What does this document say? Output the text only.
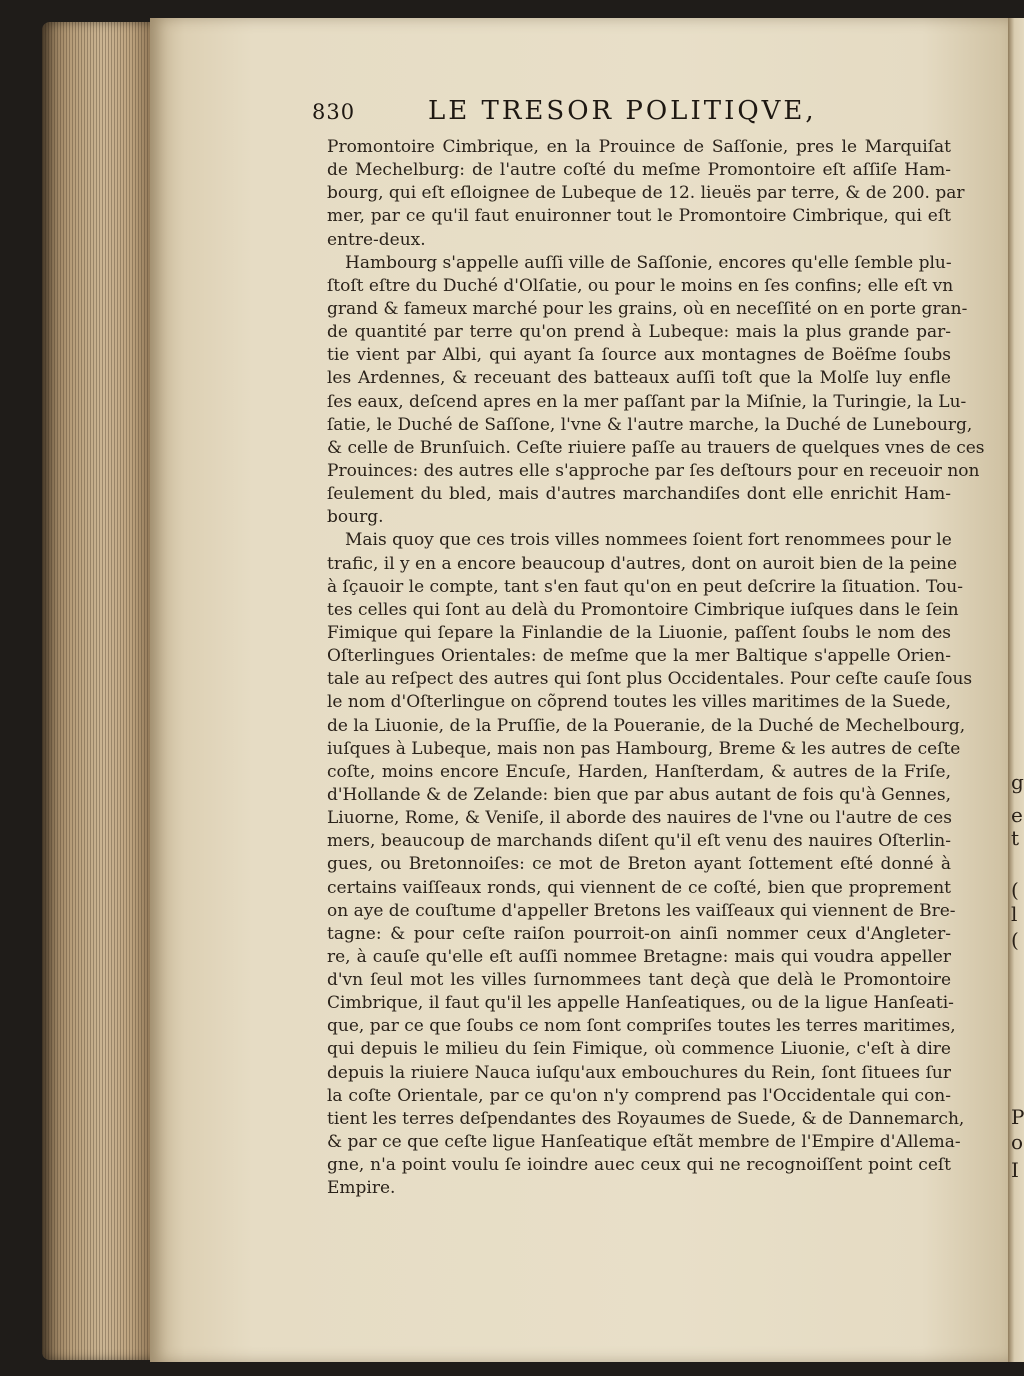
g
e
t
(
l
(
P
o
I
830	LE TRESOR POLITIQVE,
Promontoire Cimbrique, en la Prouince de Saſſonie, pres le Marquiſat
de Mechelburg: de l'autre coſté du meſme Promontoire eſt aſſiſe Ham-
bourg, qui eſt eſloignee de Lubeque de 12. lieuës par terre, & de 200. par
mer, par ce qu'il faut enuironner tout le Promontoire Cimbrique, qui eſt
entre-deux.
Hambourg s'appelle auſſi ville de Saſſonie, encores qu'elle ſemble plu-
ſtoſt eſtre du Duché d'Olſatie, ou pour le moins en ſes confins; elle eſt vn
grand & fameux marché pour les grains, où en neceſſité on en porte gran-
de quantité par terre qu'on prend à Lubeque: mais la plus grande par-
tie vient par Albi, qui ayant ſa ſource aux montagnes de Boëſme ſoubs
les Ardennes, & receuant des batteaux auſſi toſt que la Molſe luy enfle
ſes eaux, deſcend apres en la mer paſſant par la Miſnie, la Turingie, la Lu-
ſatie, le Duché de Saſſone, l'vne & l'autre marche, la Duché de Lunebourg,
& celle de Brunſuich. Ceſte riuiere paſſe au trauers de quelques vnes de ces
Prouinces: des autres elle s'approche par ſes deſtours pour en receuoir non
ſeulement du bled, mais d'autres marchandiſes dont elle enrichit Ham-
bourg.
Mais quoy que ces trois villes nommees ſoient fort renommees pour le
trafic, il y en a encore beaucoup d'autres, dont on auroit bien de la peine
à ſçauoir le compte, tant s'en faut qu'on en peut deſcrire la ſituation. Tou-
tes celles qui ſont au delà du Promontoire Cimbrique iuſques dans le ſein
Fimique qui ſepare la Finlandie de la Liuonie, paſſent ſoubs le nom des
Oſterlingues Orientales: de meſme que la mer Baltique s'appelle Orien-
tale au reſpect des autres qui ſont plus Occidentales. Pour ceſte cauſe ſous
le nom d'Oſterlingue on cõprend toutes les villes maritimes de la Suede,
de la Liuonie, de la Pruſſie, de la Poueranie, de la Duché de Mechelbourg,
iuſques à Lubeque, mais non pas Hambourg, Breme & les autres de ceſte
coſte, moins encore Encuſe, Harden, Hanſterdam, & autres de la Friſe,
d'Hollande & de Zelande: bien que par abus autant de fois qu'à Gennes,
Liuorne, Rome, & Veniſe, il aborde des nauires de l'vne ou l'autre de ces
mers, beaucoup de marchands diſent qu'il eſt venu des nauires Oſterlin-
gues, ou Bretonnoiſes: ce mot de Breton ayant ſottement eſté donné à
certains vaiſſeaux ronds, qui viennent de ce coſté, bien que proprement
on aye de couſtume d'appeller Bretons les vaiſſeaux qui viennent de Bre-
tagne: & pour ceſte raiſon pourroit-on ainſi nommer ceux d'Angleter-
re, à cauſe qu'elle eſt auſſi nommee Bretagne: mais qui voudra appeller
d'vn ſeul mot les villes ſurnommees tant deçà que delà le Promontoire
Cimbrique, il faut qu'il les appelle Hanſeatiques, ou de la ligue Hanſeati-
que, par ce que ſoubs ce nom ſont compriſes toutes les terres maritimes,
qui depuis le milieu du ſein Fimique, où commence Liuonie, c'eſt à dire
depuis la riuiere Nauca iuſqu'aux embouchures du Rein, ſont ſituees ſur
la coſte Orientale, par ce qu'on n'y comprend pas l'Occidentale qui con-
tient les terres deſpendantes des Royaumes de Suede, & de Dannemarch,
& par ce que ceſte ligue Hanſeatique eſtãt membre de l'Empire d'Allema-
gne, n'a point voulu ſe ioindre auec ceux qui ne recognoiſſent point ceſt
Empire.
